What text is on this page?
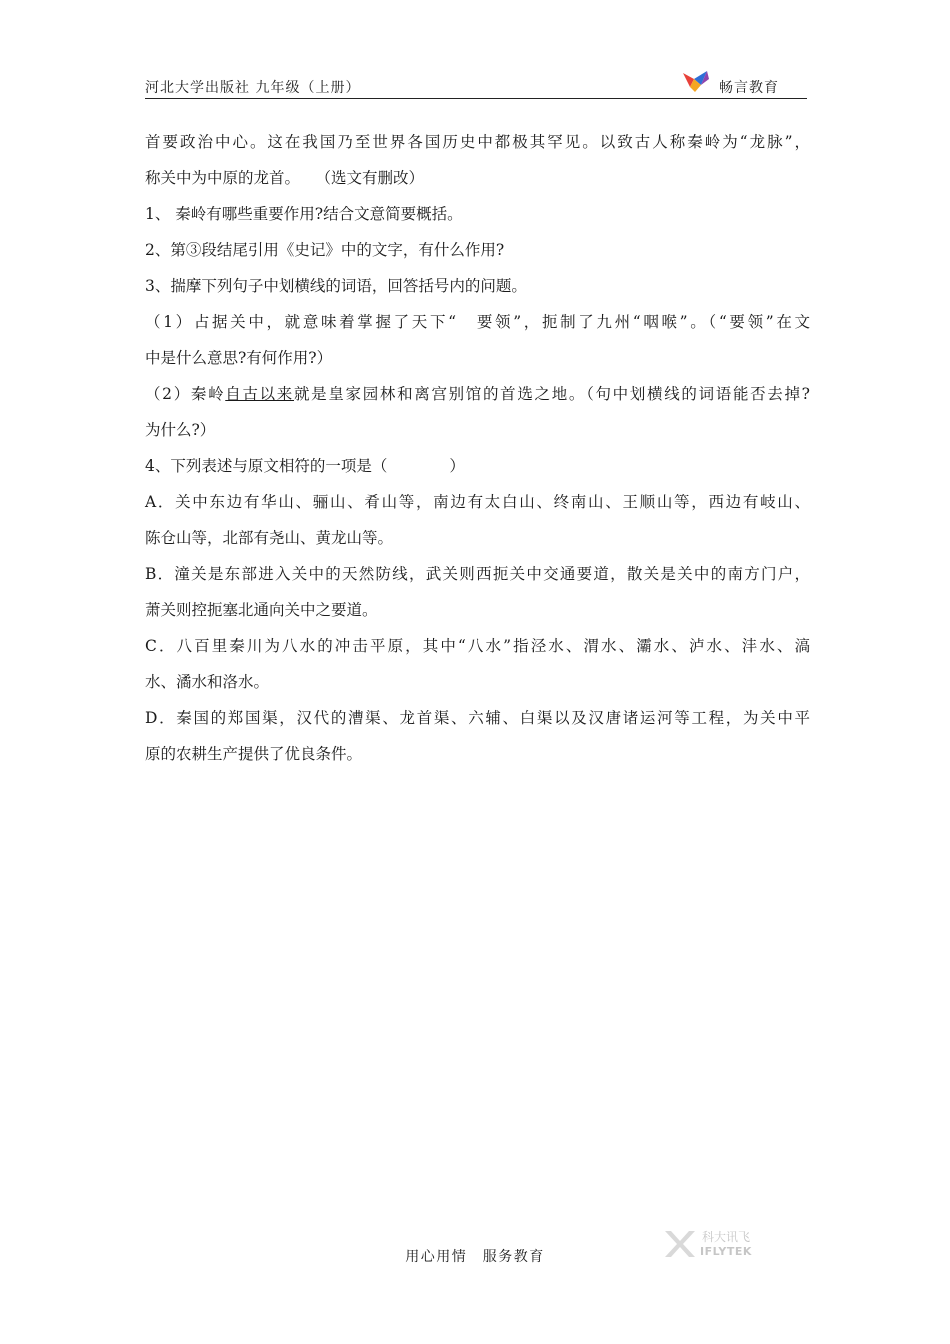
河北大学出版社 九年级（上册）	畅言教育
首要政治中心。这在我国乃至世界各国历史中都极其罕见。以致古人称秦岭为“龙脉”，
称关中为中原的龙首。　　（选文有删改）
1、 秦岭有哪些重要作用?结合文意简要概括。
2、第③段结尾引用《史记》中的文字，有什么作用?
3、揣摩下列句子中划横线的词语，回答括号内的问题。
（1）占据关中，就意味着掌握了天下“　要领”，扼制了九州“咽喉”。（“要领”在文
中是什么意思?有何作用?）
（2）秦岭自古以来就是皇家园林和离宫别馆的首选之地。（句中划横线的词语能否去掉?
为什么?）
4、下列表述与原文相符的一项是（　　　　）
A．关中东边有华山、骊山、肴山等，南边有太白山、终南山、王顺山等，西边有岐山、
陈仓山等，北部有尧山、黄龙山等。
B．潼关是东部进入关中的天然防线，武关则西扼关中交通要道，散关是关中的南方门户，
萧关则控扼塞北通向关中之要道。
C．八百里秦川为八水的冲击平原，其中“八水”指泾水、渭水、灞水、泸水、沣水、滈
水、潏水和洛水。
D．秦国的郑国渠，汉代的漕渠、龙首渠、六辅、白渠以及汉唐诸运河等工程，为关中平
原的农耕生产提供了优良条件。
科大讯飞
IFLYTEK
用心用情　服务教育
